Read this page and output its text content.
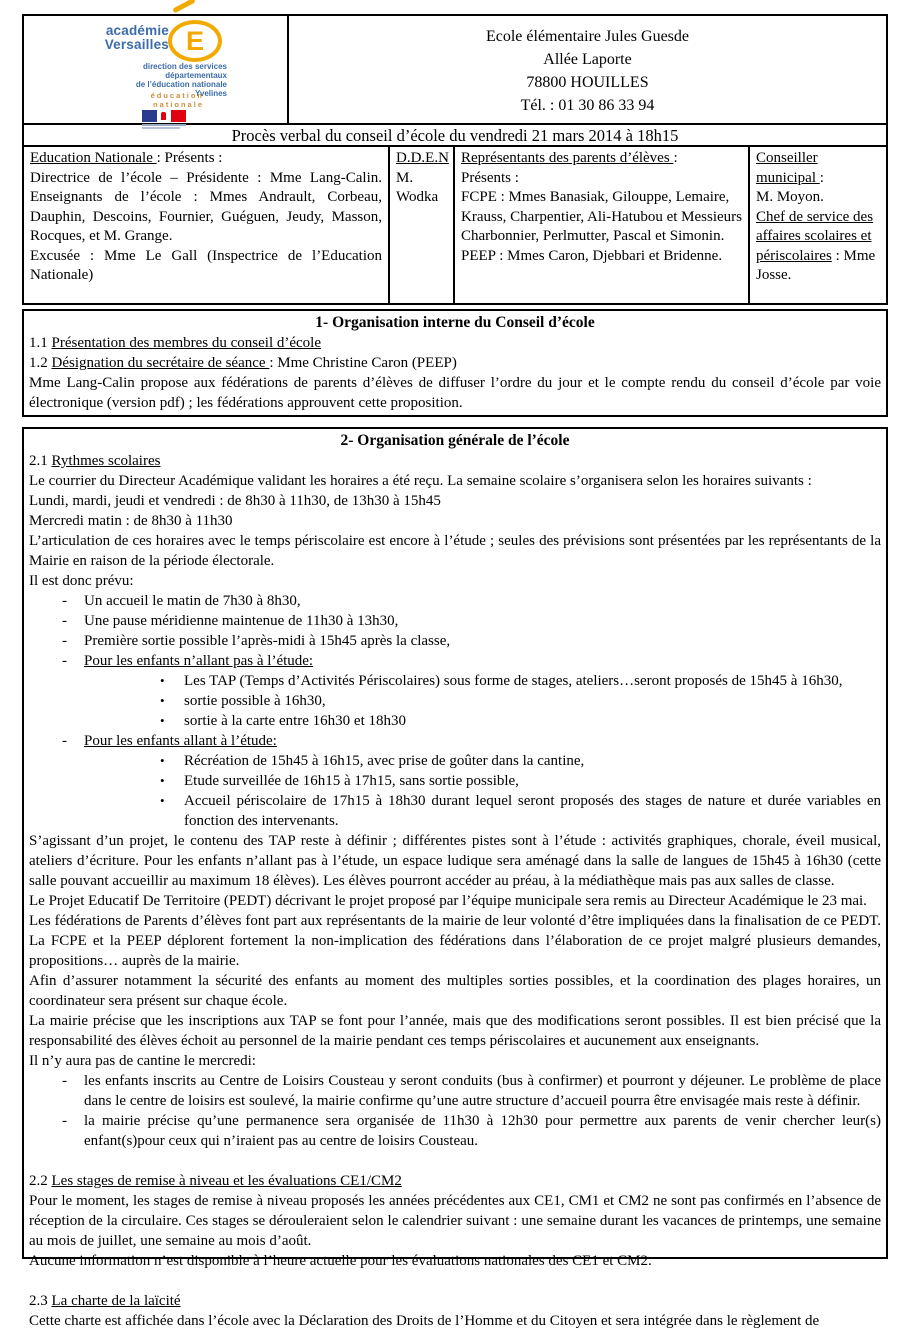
académie
Versailles E
direction des services
départementaux
de l’éducation nationale
Yvelines
éducation
nationale
Ecole élémentaire Jules Guesde
Allée Laporte
78800 HOUILLES
Tél. : 01 30 86 33 94
Procès verbal du conseil d’école du vendredi 21 mars 2014 à 18h15
Education Nationale : Présents :
Directrice de l’école – Présidente : Mme Lang-Calin. Enseignants de l’école : Mmes Andrault, Corbeau, Dauphin, Descoins, Fournier, Guéguen, Jeudy, Masson, Rocques, et M. Grange.
Excusée : Mme Le Gall (Inspectrice de l’Education Nationale)
D.D.E.N
M. Wodka
Représentants des parents d’élèves :
Présents :
FCPE : Mmes Banasiak, Gilouppe, Lemaire, Krauss, Charpentier, Ali-Hatubou et Messieurs Charbonnier, Perlmutter, Pascal et Simonin.
PEEP : Mmes Caron, Djebbari et Bridenne.
Conseiller municipal :
M. Moyon.
Chef de service des affaires scolaires et périscolaires : Mme Josse.
1- Organisation interne du Conseil d’école
1.1 Présentation des membres du conseil d’école
1.2 Désignation du secrétaire de séance : Mme Christine Caron (PEEP)
Mme Lang-Calin propose aux fédérations de parents d’élèves de diffuser l’ordre du jour et le compte rendu du conseil d’école par voie électronique (version pdf) ; les fédérations approuvent cette proposition.
2- Organisation générale de l’école
2.1 Rythmes scolaires
Le courrier du Directeur Académique validant les horaires a été reçu. La semaine scolaire s’organisera selon les horaires suivants :
Lundi, mardi, jeudi et vendredi : de 8h30 à 11h30, de 13h30 à 15h45
Mercredi matin : de 8h30 à 11h30
L’articulation de ces horaires avec le temps périscolaire est encore à l’étude ; seules des prévisions sont présentées par les représentants de la Mairie en raison de la période électorale.
Il est donc prévu:
- Un accueil le matin de 7h30 à 8h30,
- Une pause méridienne maintenue de 11h30 à 13h30,
- Première sortie possible l’après-midi à 15h45 après la classe,
- Pour les enfants n’allant pas à l’étude:
• Les TAP (Temps d’Activités Périscolaires) sous forme de stages, ateliers…seront proposés de 15h45 à 16h30,
• sortie possible à 16h30,
• sortie à la carte entre 16h30 et 18h30
- Pour les enfants allant à l’étude:
• Récréation de 15h45 à 16h15, avec prise de goûter dans la cantine,
• Etude surveillée de 16h15 à 17h15, sans sortie possible,
• Accueil périscolaire de 17h15 à 18h30 durant lequel seront proposés des stages de nature et durée variables en fonction des intervenants.
S’agissant d’un projet, le contenu des TAP reste à définir ; différentes pistes sont à l’étude : activités graphiques, chorale, éveil musical, ateliers d’écriture. Pour les enfants n’allant pas à l’étude, un espace ludique sera aménagé dans la salle de langues de 15h45 à 16h30 (cette salle pouvant accueillir au maximum 18 élèves). Les élèves pourront accéder au préau, à la médiathèque mais pas aux salles de classe.
Le Projet Educatif De Territoire (PEDT) décrivant le projet proposé par l’équipe municipale sera remis au Directeur Académique le 23 mai.
Les fédérations de Parents d’élèves font part aux représentants de la mairie de leur volonté d’être impliquées dans la finalisation de ce PEDT. La FCPE et la PEEP déplorent fortement la non-implication des fédérations dans l’élaboration de ce projet malgré plusieurs demandes, propositions… auprès de la mairie.
Afin d’assurer notamment la sécurité des enfants au moment des multiples sorties possibles, et la coordination des plages horaires, un coordinateur sera présent sur chaque école.
La mairie précise que les inscriptions aux TAP se font pour l’année, mais que des modifications seront possibles. Il est bien précisé que la responsabilité des élèves échoit au personnel de la mairie pendant ces temps périscolaires et aucunement aux enseignants.
Il n’y aura pas de cantine le mercredi:
- les enfants inscrits au Centre de Loisirs Cousteau y seront conduits (bus à confirmer) et pourront y déjeuner. Le problème de place dans le centre de loisirs est soulevé, la mairie confirme qu’une autre structure d’accueil pourra être envisagée mais reste à définir.
- la mairie précise qu’une permanence sera organisée de 11h30 à 12h30 pour permettre aux parents de venir chercher leur(s) enfant(s)pour ceux qui n’iraient pas au centre de loisirs Cousteau.
2.2 Les stages de remise à niveau et les évaluations CE1/CM2
Pour le moment, les stages de remise à niveau proposés les années précédentes aux CE1, CM1 et CM2 ne sont pas confirmés en l’absence de réception de la circulaire. Ces stages se dérouleraient selon le calendrier suivant : une semaine durant les vacances de printemps, une semaine au mois de juillet, une semaine au mois d’août.
Aucune information n’est disponible à l’heure actuelle pour les évaluations nationales des CE1 et CM2.
2.3 La charte de la laïcité
Cette charte est affichée dans l’école avec la Déclaration des Droits de l’Homme et du Citoyen et sera intégrée dans le règlement de
